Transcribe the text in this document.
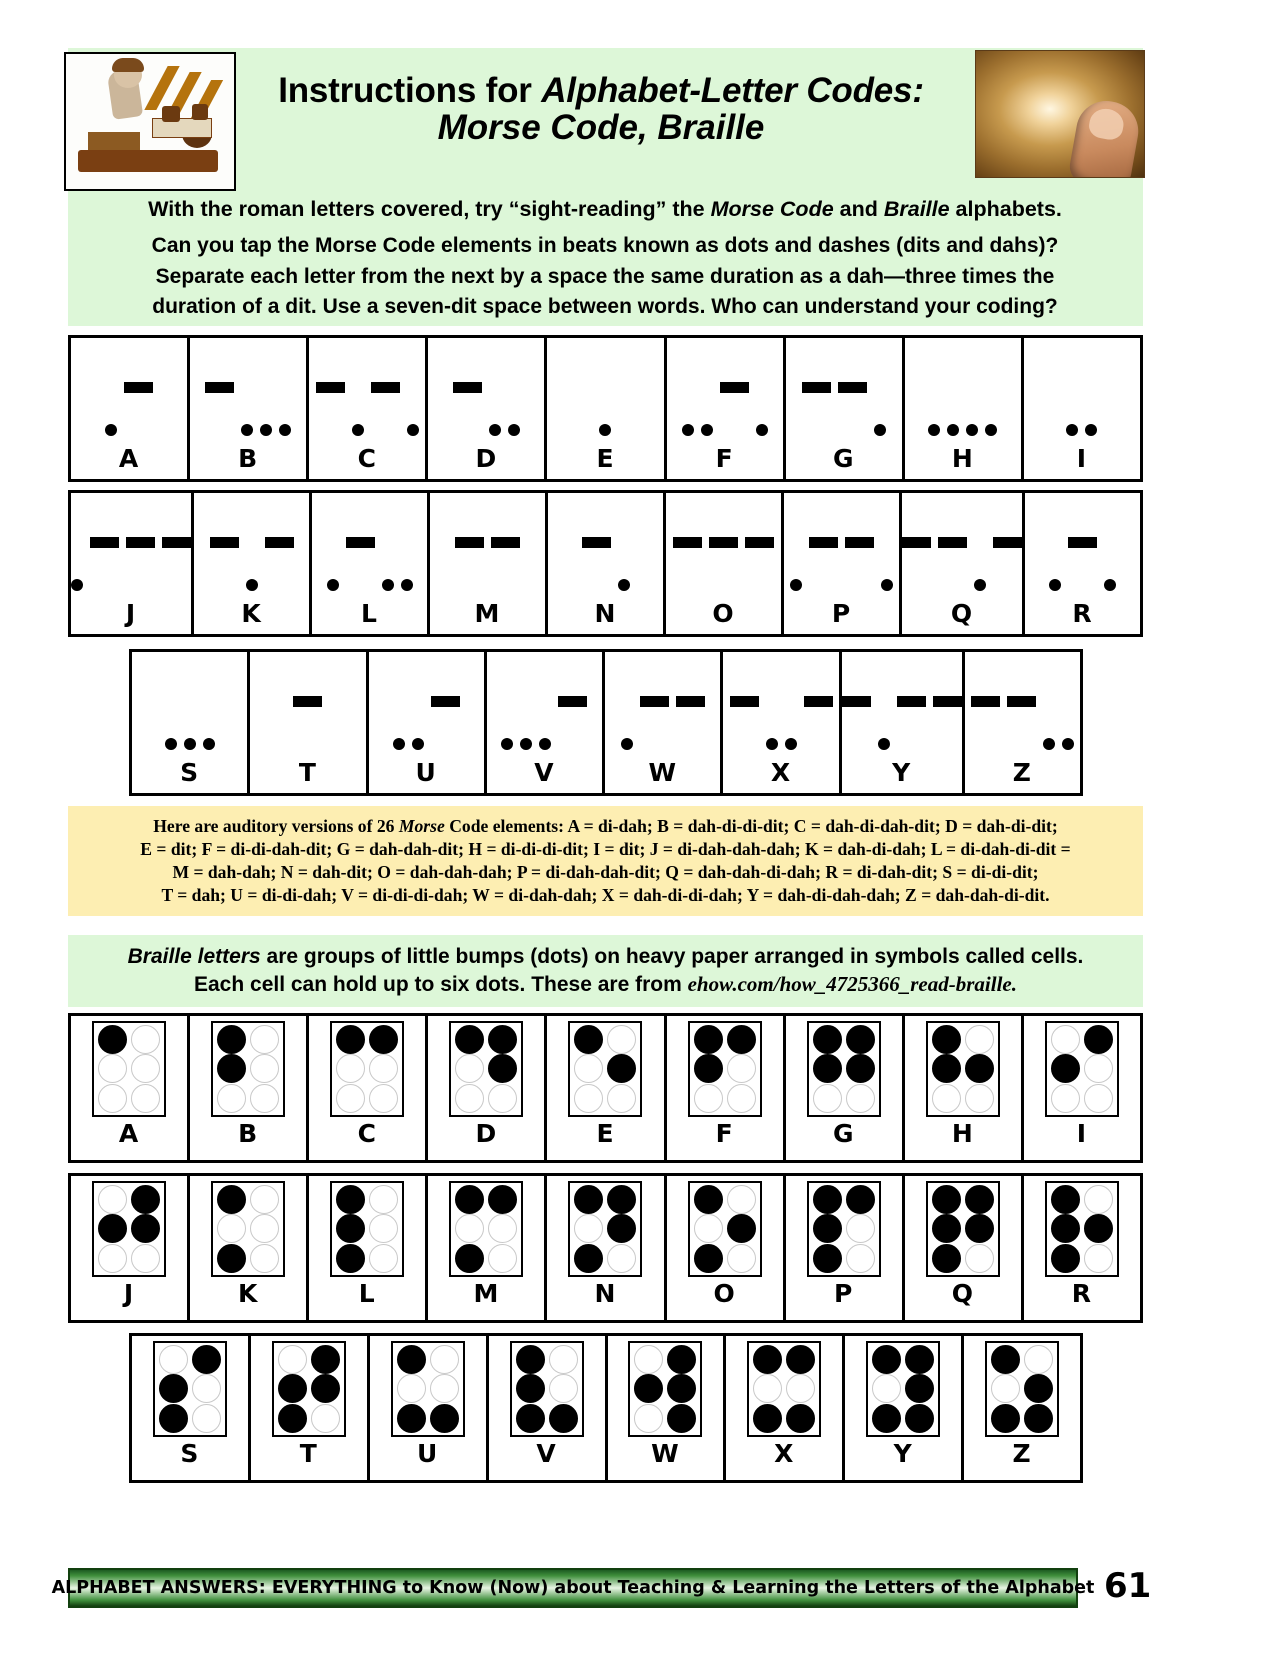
Instructions for Alphabet-Letter Codes:
Morse Code, Braille
With the roman letters covered, try “sight-reading” the Morse Code and Braille alphabets.
Can you tap the Morse Code elements in beats known as dots and dashes (dits and dahs)?
Separate each letter from the next by a space the same duration as a dah—three times the
duration of a dit. Use a seven-dit space between words. Who can understand your coding?
A	B	C	D	E	F	G	H	I
J	K	L	M	N	O	P	Q	R
S	T	U	V	W	X	Y	Z
Here are auditory versions of 26 Morse Code elements: A = di-dah; B = dah-di-di-dit; C = dah-di-dah-dit; D = dah-di-dit;
E = dit; F = di-di-dah-dit; G = dah-dah-dit; H = di-di-di-dit; I = dit; J = di-dah-dah-dah; K = dah-di-dah; L = di-dah-di-dit =
M = dah-dah; N = dah-dit; O = dah-dah-dah; P = di-dah-dah-dit; Q = dah-dah-di-dah; R = di-dah-dit; S = di-di-dit;
T = dah; U = di-di-dah; V = di-di-di-dah; W = di-dah-dah; X = dah-di-di-dah; Y = dah-di-dah-dah; Z = dah-dah-di-dit.
Braille letters are groups of little bumps (dots) on heavy paper arranged in symbols called cells.
Each cell can hold up to six dots. These are from ehow.com/how_4725366_read-braille.
A	B	C	D	E	F	G	H	I
J	K	L	M	N	O	P	Q	R
S	T	U	V	W	X	Y	Z
ALPHABET ANSWERS: EVERYTHING to Know (Now) about Teaching & Learning the Letters of the Alphabet 61
